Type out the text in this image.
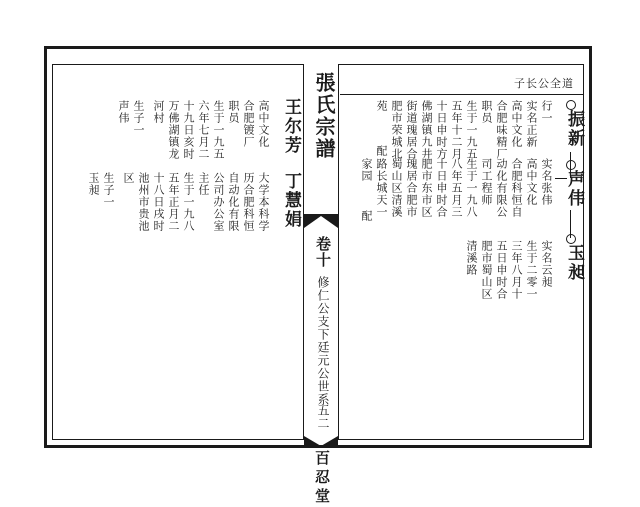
張氏宗譜
卷十
修仁公支下廷元公世系
五二
百忍堂
子长公全道
振新
声伟
玉昶
行一
实名正新
高中文化
合肥味精厂
职员
生于一九五
五年十二月
十日申时方
佛湖镇九井
街道瑰居合
肥市荣城北
苑
配
实名张伟
高中文化
合肥科恒自
动化有限公
司工程师
生于一九八
八年五月三
十日申时合
肥市东市区
瑰居合肥市
蜀山区清溪
路长城天一
家园
配
实名云昶
生于二零一
三年八月十
五日申时合
肥市蜀山区
清溪路
王尔芳
丁慧娟
高中文化
合肥镀厂
职员
生于一九五
六年七月二
十九日亥时
万佛湖镇龙
河村
生子一
声伟
大学本科学
历合肥科恒
自动化有限
公司办公室
主任
生于一九八
五年正月二
十八日戌时
池州市贵池
区
生子一
玉昶
